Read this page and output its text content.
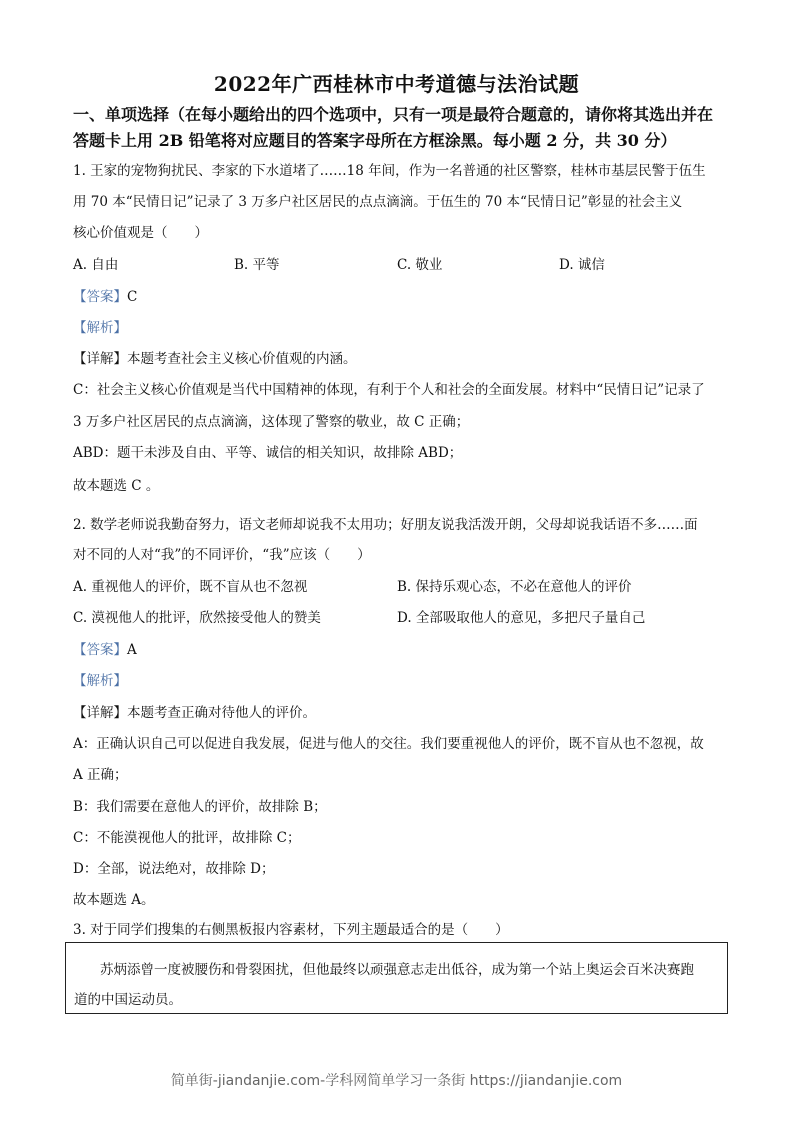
2022年广西桂林市中考道德与法治试题
一、单项选择（在每小题给出的四个选项中，只有一项是最符合题意的，请你将其选出并在
答题卡上用 2B 铅笔将对应题目的答案字母所在方框涂黑。每小题 2 分，共 30 分）
1. 王家的宠物狗扰民、李家的下水道堵了……18 年间，作为一名普通的社区警察，桂林市基层民警于伍生
用 70 本“民情日记”记录了 3 万多户社区居民的点点滴滴。于伍生的 70 本“民情日记”彰显的社会主义
核心价值观是（　　）
A. 自由	B. 平等	C. 敬业	D. 诚信
【答案】C
【解析】
【详解】本题考查社会主义核心价值观的内涵。
C：社会主义核心价值观是当代中国精神的体现，有利于个人和社会的全面发展。材料中“民情日记”记录了
3 万多户社区居民的点点滴滴，这体现了警察的敬业，故 C 正确；
ABD：题干未涉及自由、平等、诚信的相关知识，故排除 ABD；
故本题选 C 。
2. 数学老师说我勤奋努力，语文老师却说我不太用功；好朋友说我活泼开朗，父母却说我话语不多……面
对不同的人对“我”的不同评价，“我”应该（　　）
A. 重视他人的评价，既不盲从也不忽视	B. 保持乐观心态，不必在意他人的评价
C. 漠视他人的批评，欣然接受他人的赞美	D. 全部吸取他人的意见，多把尺子量自己
【答案】A
【解析】
【详解】本题考查正确对待他人的评价。
A：正确认识自己可以促进自我发展，促进与他人的交往。我们要重视他人的评价，既不盲从也不忽视，故
A 正确；
B：我们需要在意他人的评价，故排除 B；
C：不能漠视他人的批评，故排除 C；
D：全部，说法绝对，故排除 D；
故本题选 A。
3. 对于同学们搜集的右侧黑板报内容素材，下列主题最适合的是（　　）
苏炳添曾一度被腰伤和骨裂困扰，但他最终以顽强意志走出低谷，成为第一个站上奥运会百米决赛跑
道的中国运动员。
简单街-jiandanjie.com-学科网简单学习一条街 https://jiandanjie.com
